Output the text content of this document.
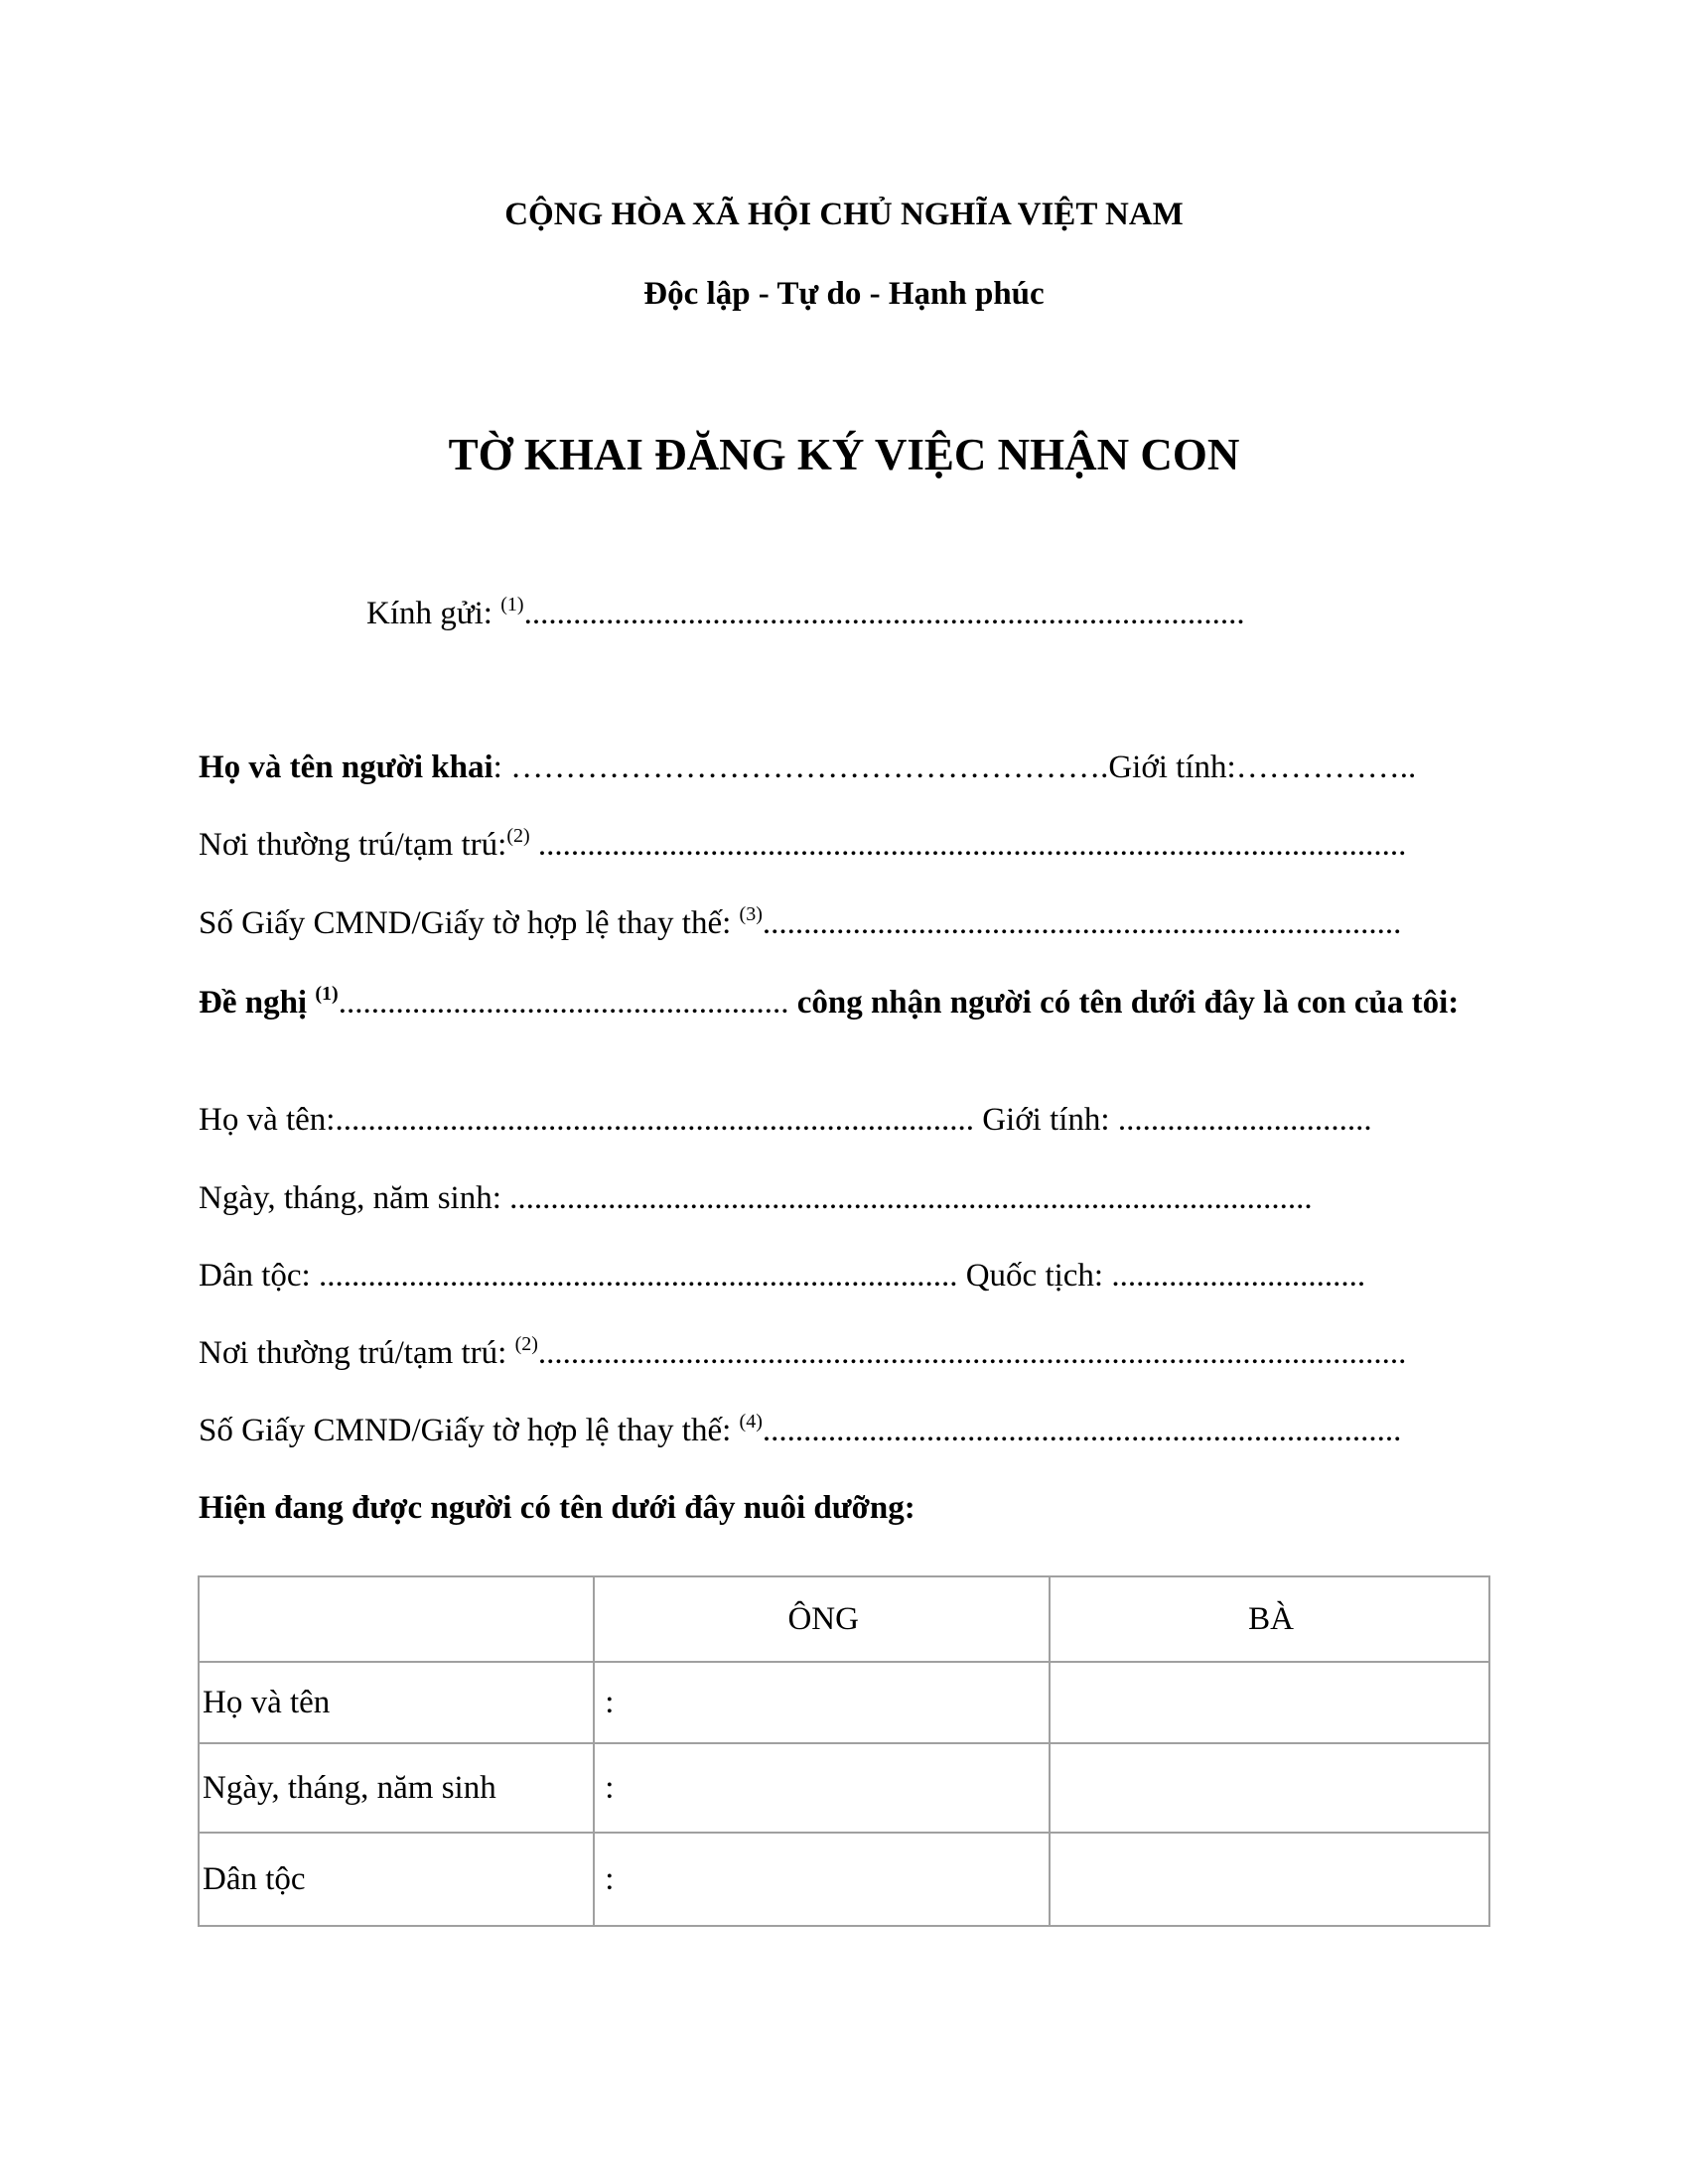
CỘNG HÒA XÃ HỘI CHỦ NGHĨA VIỆT NAM
Độc lập - Tự do - Hạnh phúc
TỜ KHAI ĐĂNG KÝ VIỆC NHẬN CON
Kính gửi: $^{(1)}$........................................................................................
Họ và tên người khai: ……………………………………………….Giới tính:……………..
Nơi thường trú/tạm trú:$^{(2)}$ ..........................................................................................................
Số Giấy CMND/Giấy tờ hợp lệ thay thế: $^{(3)}$..............................................................................
Đề nghị $^{(1)}$....................................................... công nhận người có tên dưới đây là con của tôi:
Họ và tên:.............................................................................. Giới tính: ...............................
Ngày, tháng, năm sinh: ..................................................................................................
Dân tộc: .............................................................................. Quốc tịch: ...............................
Nơi thường trú/tạm trú: $^{(2)}$..........................................................................................................
Số Giấy CMND/Giấy tờ hợp lệ thay thế: $^{(4)}$..............................................................................
Hiện đang được người có tên dưới đây nuôi dưỡng:
	ÔNG	BÀ
Họ và tên	:	
Ngày, tháng, năm sinh	:	
Dân tộc	:	
